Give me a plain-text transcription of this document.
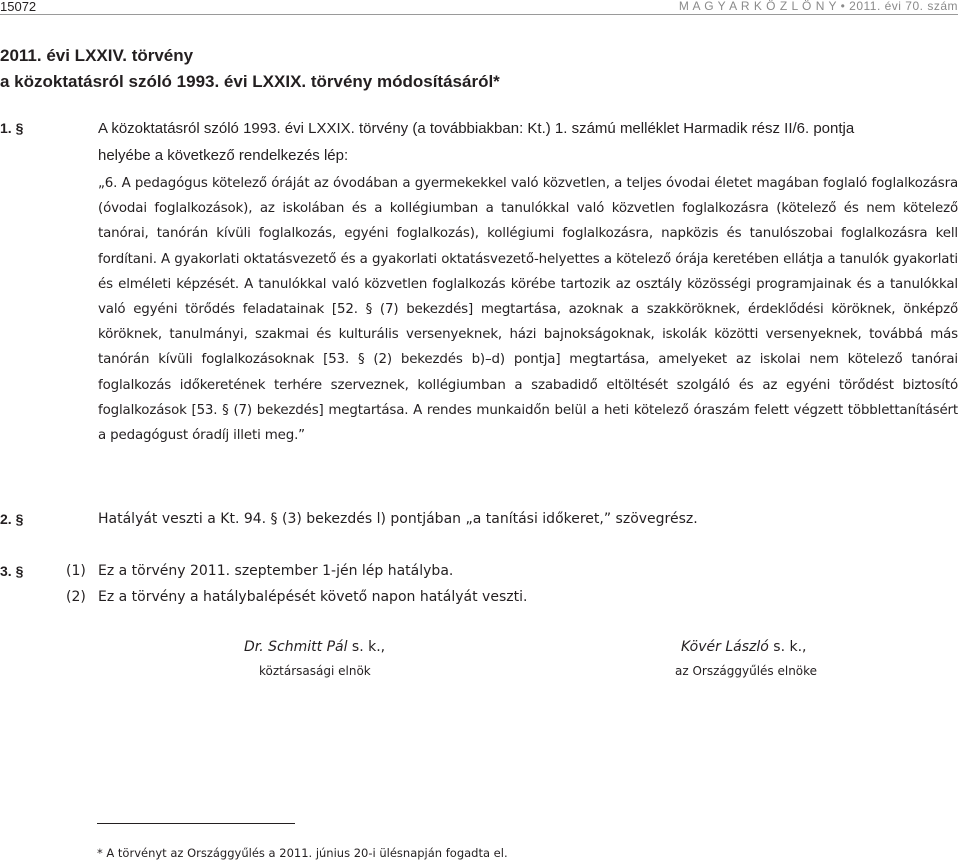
15072	M A G Y A R K Ö Z L Ö N Y • 2011. évi 70. szám
2011. évi LXXIV. törvény
a közoktatásról szóló 1993. évi LXXIX. törvény módosításáról*
1. §	A közoktatásról szóló 1993. évi LXXIX. törvény (a továbbiakban: Kt.) 1. számú melléklet Harmadik rész II/6. pontja
helyébe a következő rendelkezés lép:
„6. A pedagógus kötelező óráját az óvodában a gyermekekkel való közvetlen, a teljes óvodai életet magában foglaló foglalkozásra (óvodai foglalkozások), az iskolában és a kollégiumban a tanulókkal való közvetlen foglalkozásra (kötelező és nem kötelező tanórai, tanórán kívüli foglalkozás, egyéni foglalkozás), kollégiumi foglalkozásra, napközis és tanulószobai foglalkozásra kell fordítani. A gyakorlati oktatásvezető és a gyakorlati oktatásvezető-helyettes a kötelező órája keretében ellátja a tanulók gyakorlati és elméleti képzését. A tanulókkal való közvetlen foglalkozás körébe tartozik az osztály közösségi programjainak és a tanulókkal való egyéni törődés feladatainak [52. § (7) bekezdés] megtartása, azoknak a szakköröknek, érdeklődési köröknek, önképző köröknek, tanulmányi, szakmai és kulturális versenyeknek, házi bajnokságoknak, iskolák közötti versenyeknek, továbbá más tanórán kívüli foglalkozásoknak [53. § (2) bekezdés b)–d) pontja] megtartása, amelyeket az iskolai nem kötelező tanórai foglalkozás időkeretének terhére szerveznek, kollégiumban a szabadidő eltöltését szolgáló és az egyéni törődést biztosító foglalkozások [53. § (7) bekezdés] megtartása. A rendes munkaidőn belül a heti kötelező óraszám felett végzett többlettanításért a pedagógust óradíj illeti meg.”
2. §	Hatályát veszti a Kt. 94. § (3) bekezdés l) pontjában „a tanítási időkeret,” szövegrész.
3. §	(1) Ez a törvény 2011. szeptember 1-jén lép hatályba.
(2) Ez a törvény a hatálybalépését követő napon hatályát veszti.
Dr. Schmitt Pál s. k.,
köztársasági elnök
Kövér László s. k.,
az Országgyűlés elnöke
* A törvényt az Országgyűlés a 2011. június 20-i ülésnapján fogadta el.
